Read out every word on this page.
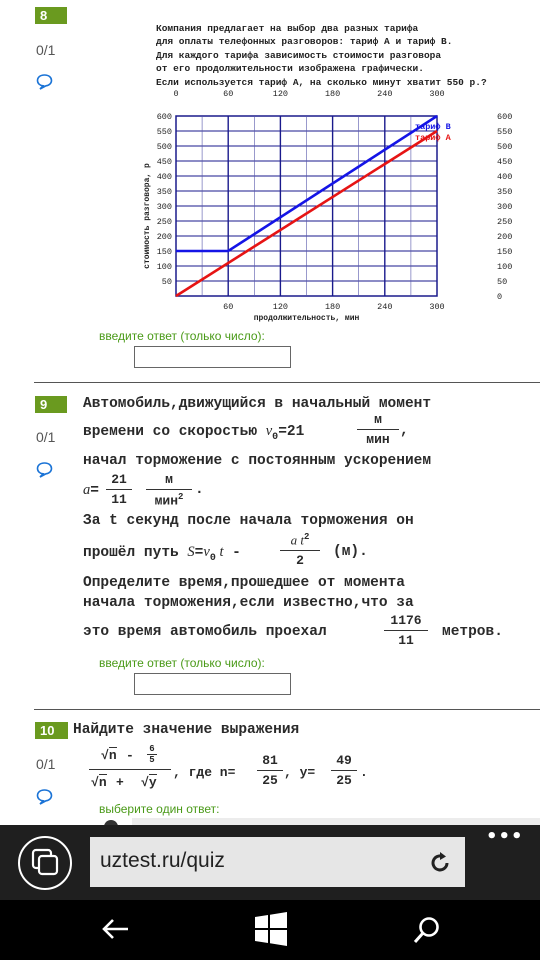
8
0/1

Компания предлагает на выбор два разных тарифа
для оплаты телефонных разговоров: тариф А и тариф В.
Для каждого тарифа зависимость стоимости разговора
от его продолжительности изображена графически.
Если используется тариф А, на сколько минут хватит 550 р.?

0	60	120	180	240	300
60	120	180	240	300
600
550
500
450
400
350
300
250
200
150
100
50
600
550
500
450
400
350
300
250
200
150
100
50
0
продолжительность, мин
стоимость разговора, р
тариф В
тариф А
введите ответ (только число):
9
0/1
Автомобиль,движущийся в начальный момент
времени со скоростью $v_0=21$
м
мин
,
начал торможение с постоянным ускорением
a=
21
11
м
мин$^2$ .
За t секунд после начала торможения он
прошёл путь $S=v_0$ t -
a $t^2$
2
(м).
Определите время,прошедшее от момента
начала торможения,если известно,что за
это время автомобиль проехал
1176
11
метров.
введите ответ (только число):
10	Найдите значение выражения
0/1
√n - 6
5
√n + √y
, где n=
81
25
, y=
49
25
.
выберите один ответ:
uztest.ru/quiz
•••
